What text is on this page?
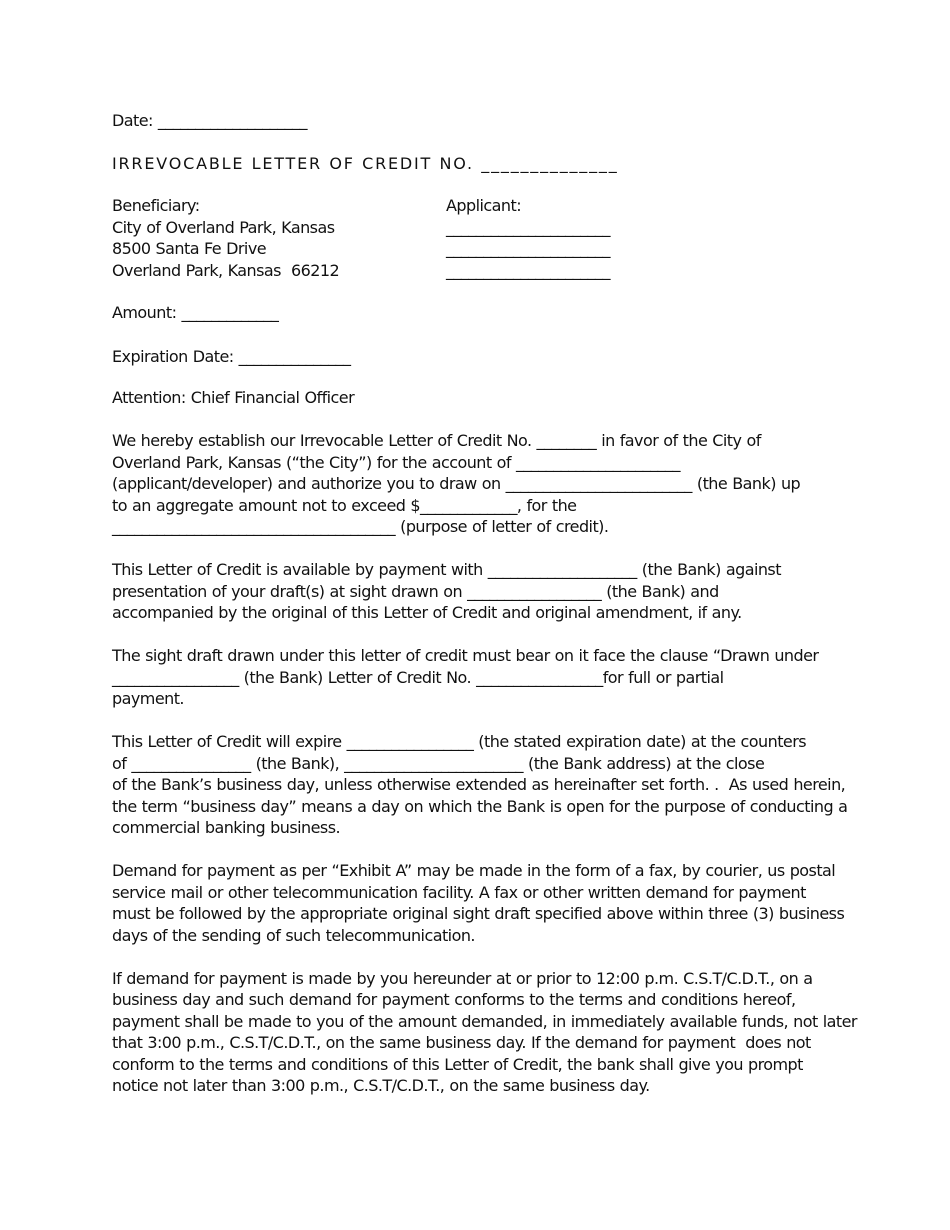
Date: ____________________
IRREVOCABLE LETTER OF CREDIT NO. ______________
Beneficiary:
City of Overland Park, Kansas
8500 Santa Fe Drive
Overland Park, Kansas  66212
Applicant:
______________________
______________________
______________________
Amount: _____________
Expiration Date: _______________
Attention: Chief Financial Officer
We hereby establish our Irrevocable Letter of Credit No. ________ in favor of the City of
Overland Park, Kansas (“the City”) for the account of ______________________
(applicant/developer) and authorize you to draw on _________________________ (the Bank) up
to an aggregate amount not to exceed $_____________, for the
______________________________________ (purpose of letter of credit).
This Letter of Credit is available by payment with ____________________ (the Bank) against
presentation of your draft(s) at sight drawn on __________________ (the Bank) and
accompanied by the original of this Letter of Credit and original amendment, if any.
The sight draft drawn under this letter of credit must bear on it face the clause “Drawn under
_________________ (the Bank) Letter of Credit No. _________________for full or partial
payment.
This Letter of Credit will expire _________________ (the stated expiration date) at the counters
of ________________ (the Bank), ________________________ (the Bank address) at the close
of the Bank’s business day, unless otherwise extended as hereinafter set forth. .  As used herein,
the term “business day” means a day on which the Bank is open for the purpose of conducting a
commercial banking business.
Demand for payment as per “Exhibit A” may be made in the form of a fax, by courier, us postal
service mail or other telecommunication facility. A fax or other written demand for payment
must be followed by the appropriate original sight draft specified above within three (3) business
days of the sending of such telecommunication.
If demand for payment is made by you hereunder at or prior to 12:00 p.m. C.S.T/C.D.T., on a
business day and such demand for payment conforms to the terms and conditions hereof,
payment shall be made to you of the amount demanded, in immediately available funds, not later
that 3:00 p.m., C.S.T/C.D.T., on the same business day. If the demand for payment  does not
conform to the terms and conditions of this Letter of Credit, the bank shall give you prompt
notice not later than 3:00 p.m., C.S.T/C.D.T., on the same business day.
